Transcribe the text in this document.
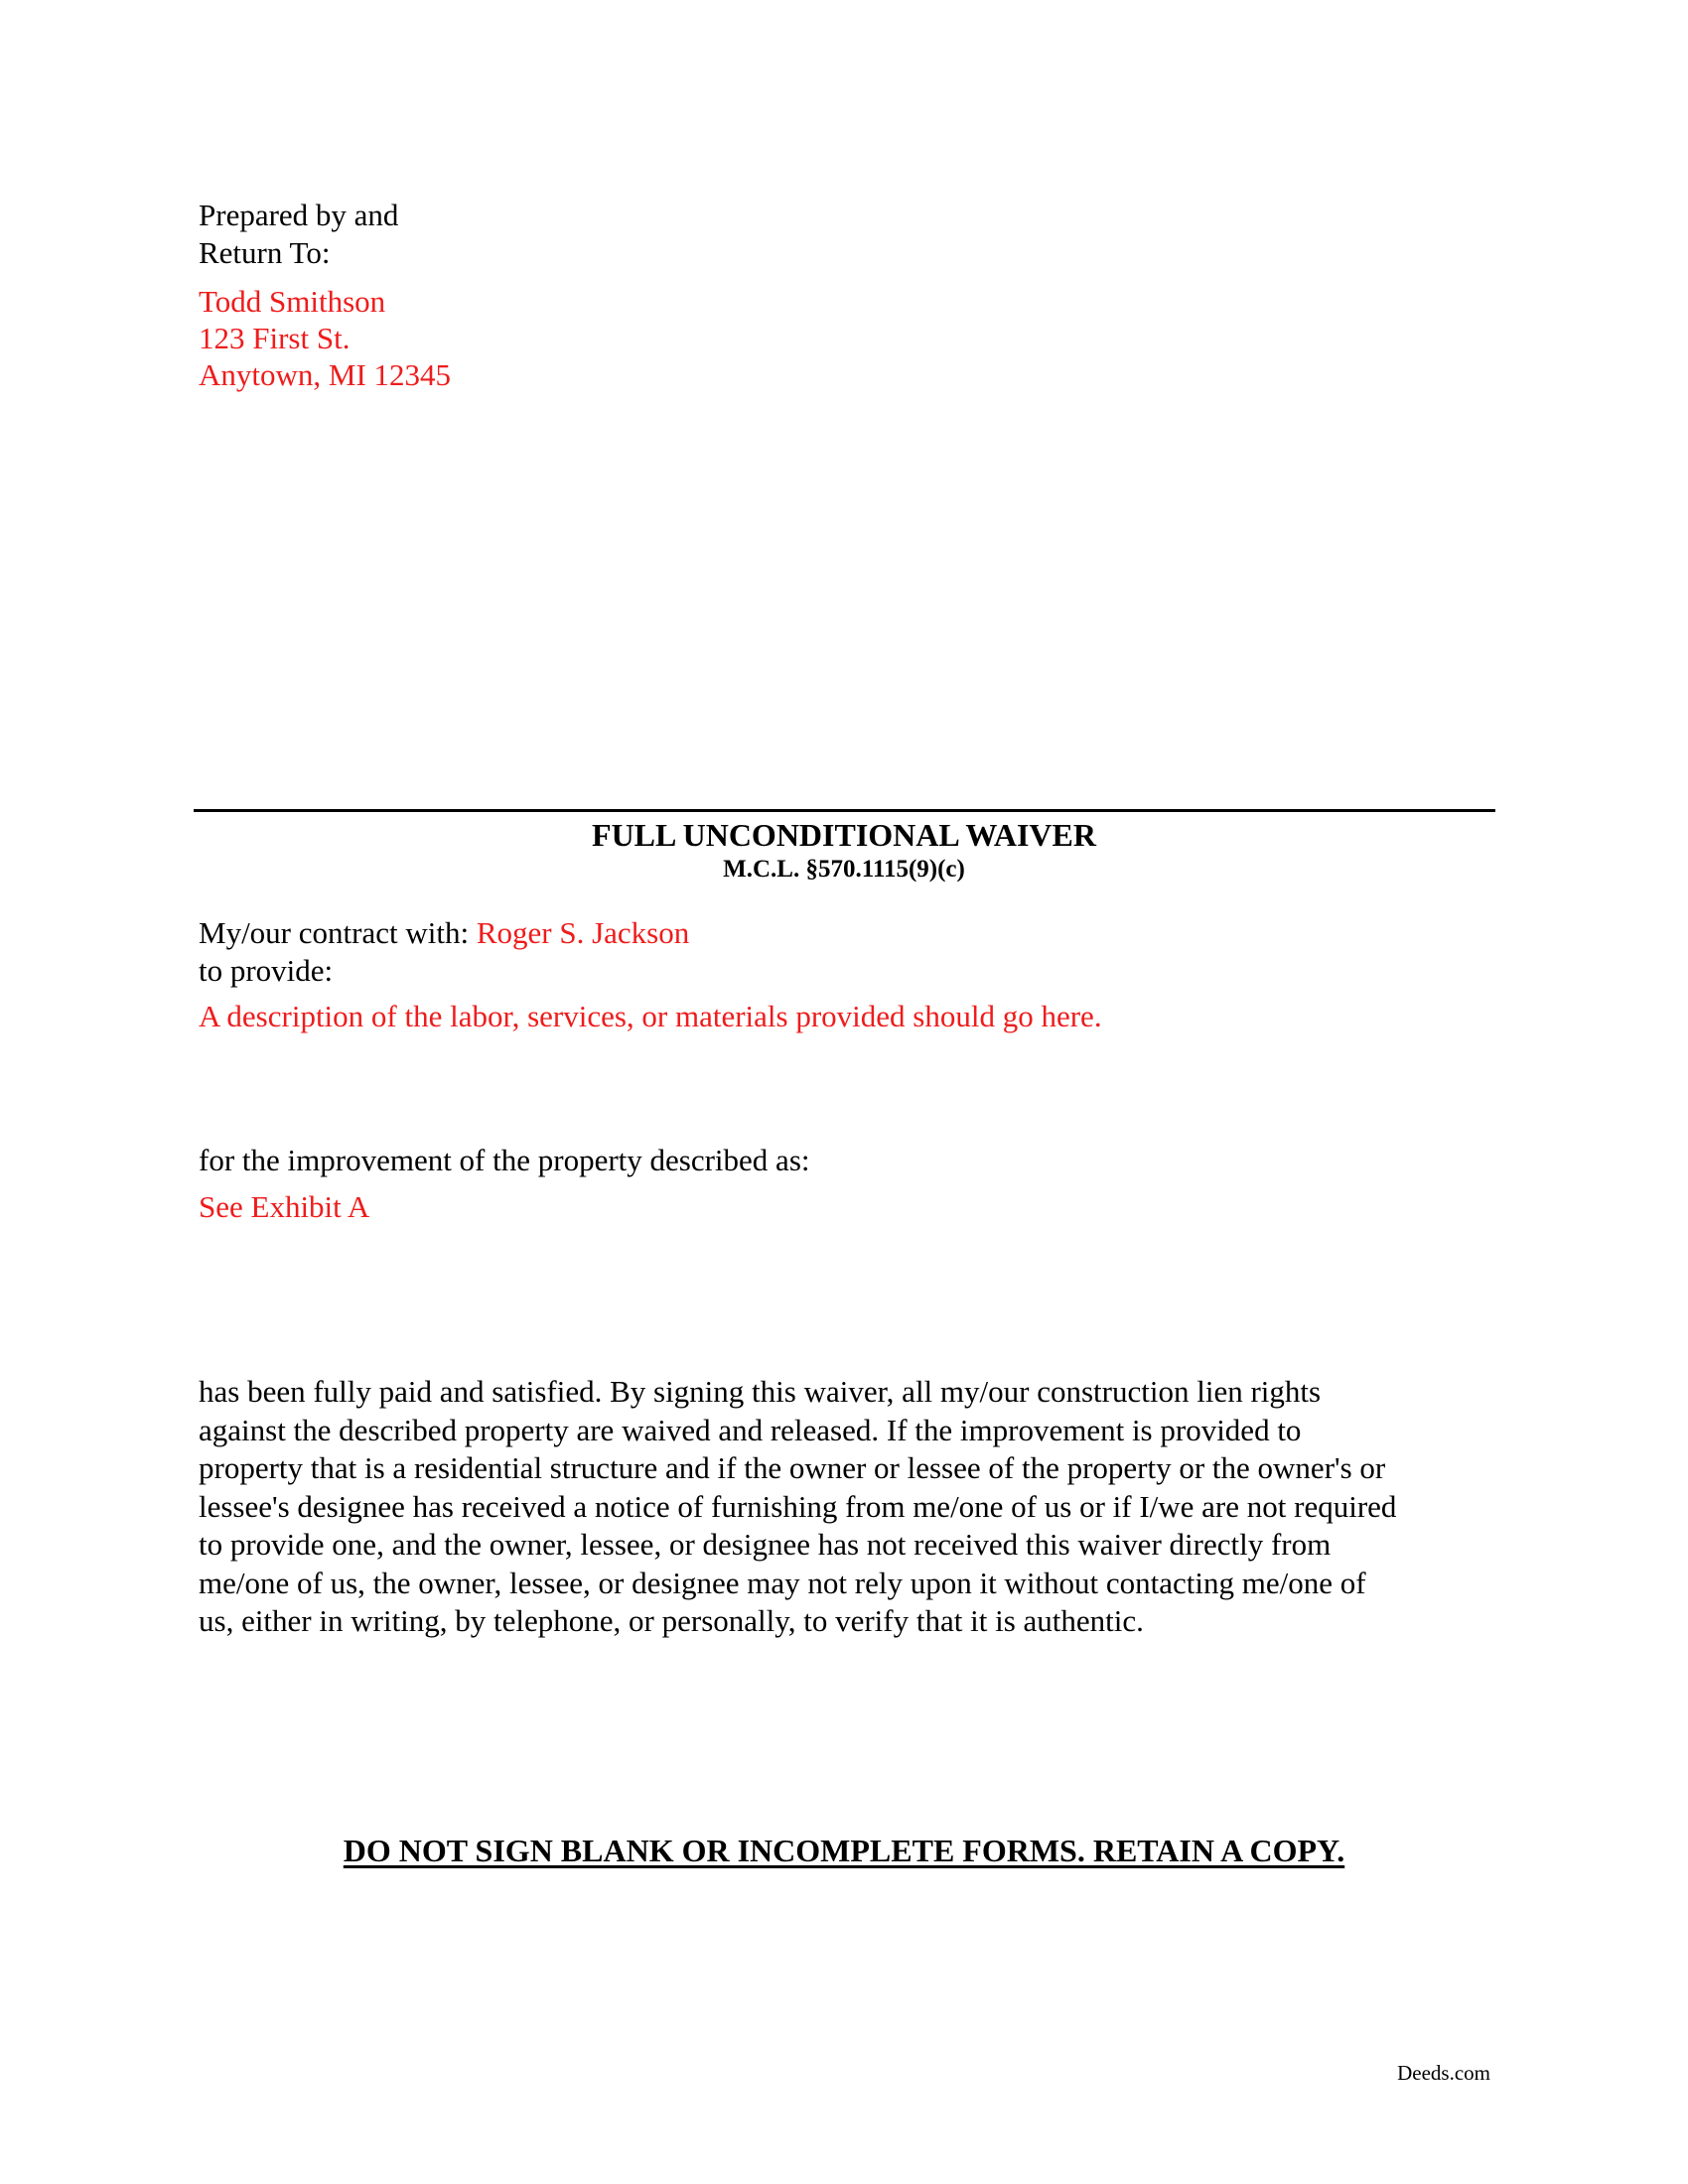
Prepared by and
Return To:
Todd Smithson
123 First St.
Anytown, MI 12345
FULL UNCONDITIONAL WAIVER
M.C.L. §570.1115(9)(c)
My/our contract with: Roger S. Jackson
to provide:
A description of the labor, services, or materials provided should go here.
for the improvement of the property described as:
See Exhibit A
has been fully paid and satisfied. By signing this waiver, all my/our construction lien rights
against the described property are waived and released. If the improvement is provided to
property that is a residential structure and if the owner or lessee of the property or the owner's or
lessee's designee has received a notice of furnishing from me/one of us or if I/we are not required
to provide one, and the owner, lessee, or designee has not received this waiver directly from
me/one of us, the owner, lessee, or designee may not rely upon it without contacting me/one of
us, either in writing, by telephone, or personally, to verify that it is authentic.
DO NOT SIGN BLANK OR INCOMPLETE FORMS. RETAIN A COPY.
Deeds.com
